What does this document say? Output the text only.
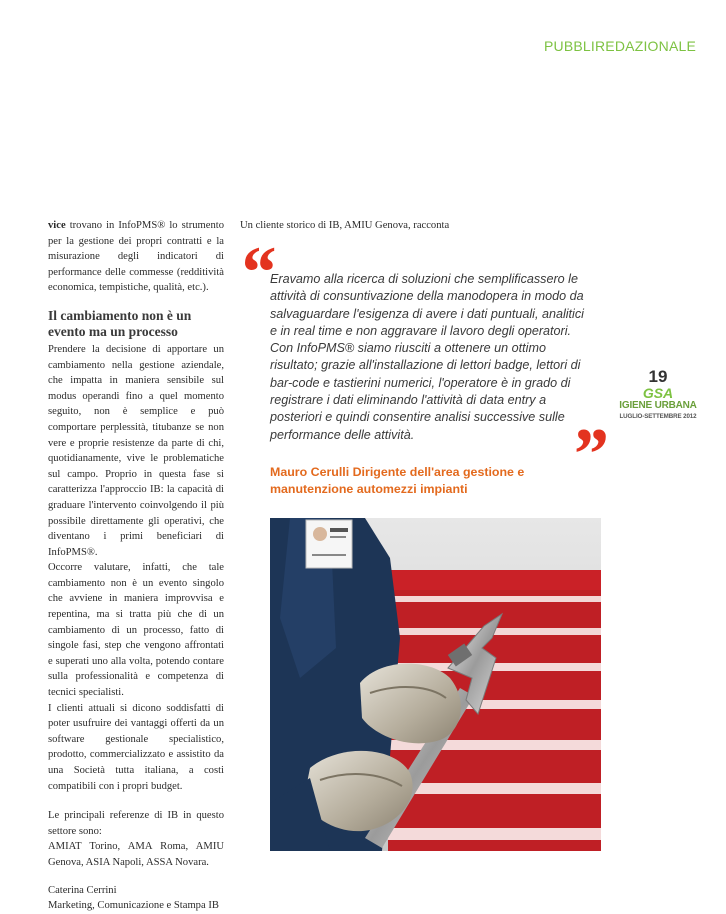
PUBBLIREDAZIONALE

vice trovano in InfoPMS® lo strumento per la gestione dei propri contratti e la misurazione degli indicatori di performance delle commesse (redditività economica, tempistiche, qualità, etc.).

Il cambiamento non è un evento ma un processo

Prendere la decisione di apportare un cambiamento nella gestione aziendale, che impatta in maniera sensibile sul modus operandi fino a quel momento seguito, non è semplice e può comportare perplessità, titubanze se non vere e proprie resistenze da parte di chi, quotidianamente, vive le problematiche sul campo. Proprio in questa fase si caratterizza l'approccio IB: la capacità di graduare l'intervento coinvolgendo il più possibile direttamente gli operativi, che diventano i primi beneficiari di InfoPMS®.

Occorre valutare, infatti, che tale cambiamento non è un evento singolo che avviene in maniera improvvisa e repentina, ma si tratta più che di un cambiamento di un processo, fatto di singole fasi, step che vengono affrontati e superati uno alla volta, potendo contare sulla professionalità e competenza di tecnici specialisti.

I clienti attuali si dicono soddisfatti di poter usufruire dei vantaggi offerti da un software gestionale specialistico, prodotto, commercializzato e assistito da una Società tutta italiana, a costi compatibili con i propri budget.

Le principali referenze di IB in questo settore sono:

AMIAT Torino, AMA Roma, AMIU Genova, ASIA Napoli, ASSA Novara.

Caterina Cerrini

Marketing, Comunicazione e Stampa IB

Un cliente storico di IB, AMIU Genova, racconta
“
Eravamo alla ricerca di soluzioni che semplificassero le attività di consuntivazione della manodopera in modo da salvaguardare l'esigenza di avere i dati puntuali, analitici e in real time e non aggravare il lavoro degli operatori. Con InfoPMS® siamo riusciti a ottenere un ottimo risultato; grazie all'installazione di lettori badge, lettori di bar-code e tastierini numerici, l'operatore è in grado di registrare i dati eliminando l'attività di data entry a posteriori e quindi consentire analisi successive sulle performance delle attività.	”
Mauro Cerulli Dirigente dell'area gestione e manutenzione automezzi impianti
19
GSA
IGIENE URBANA
LUGLIO-SETTEMBRE 2012
